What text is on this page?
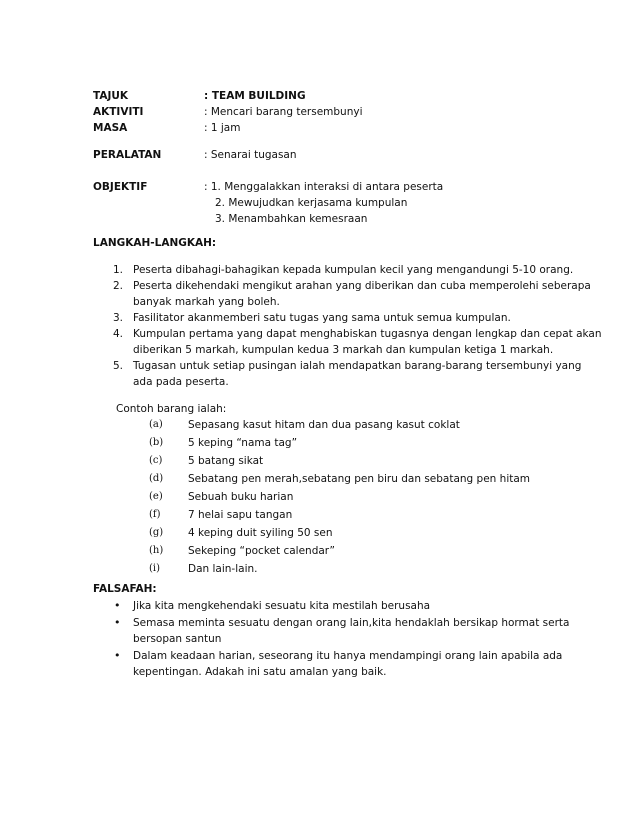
TAJUK	: TEAM BUILDING
AKTIVITI	: Mencari barang tersembunyi
MASA	: 1 jam
PERALATAN	: Senarai tugasan
OBJEKTIF	: 1. Menggalakkan interaksi di antara peserta
2. Mewujudkan kerjasama kumpulan
3. Menambahkan kemesraan
LANGKAH-LANGKAH:
1. Peserta dibahagi-bahagikan kepada kumpulan kecil yang mengandungi 5-10 orang.
2. Peserta dikehendaki mengikut arahan yang diberikan dan cuba memperolehi seberapa
banyak markah yang boleh.
3. Fasilitator akanmemberi satu tugas yang sama untuk semua kumpulan.
4. Kumpulan pertama yang dapat menghabiskan tugasnya dengan lengkap dan cepat akan
diberikan 5 markah, kumpulan kedua 3 markah dan kumpulan ketiga 1 markah.
5. Tugasan untuk setiap pusingan ialah mendapatkan barang-barang tersembunyi yang
ada pada peserta.
Contoh barang ialah:
(a) Sepasang kasut hitam dan dua pasang kasut coklat
(b) 5 keping “nama tag”
(c) 5 batang sikat
(d) Sebatang pen merah,sebatang pen biru dan sebatang pen hitam
(e) Sebuah buku harian
(f)	7 helai sapu tangan
(g) 4 keping duit syiling 50 sen
(h) Sekeping “pocket calendar”
(i)	Dan lain-lain.
FALSAFAH:
• Jika kita mengkehendaki sesuatu kita mestilah berusaha
• Semasa meminta sesuatu dengan orang lain,kita hendaklah bersikap hormat serta
bersopan santun
• Dalam keadaan harian, seseorang itu hanya mendampingi orang lain apabila ada
kepentingan. Adakah ini satu amalan yang baik.
